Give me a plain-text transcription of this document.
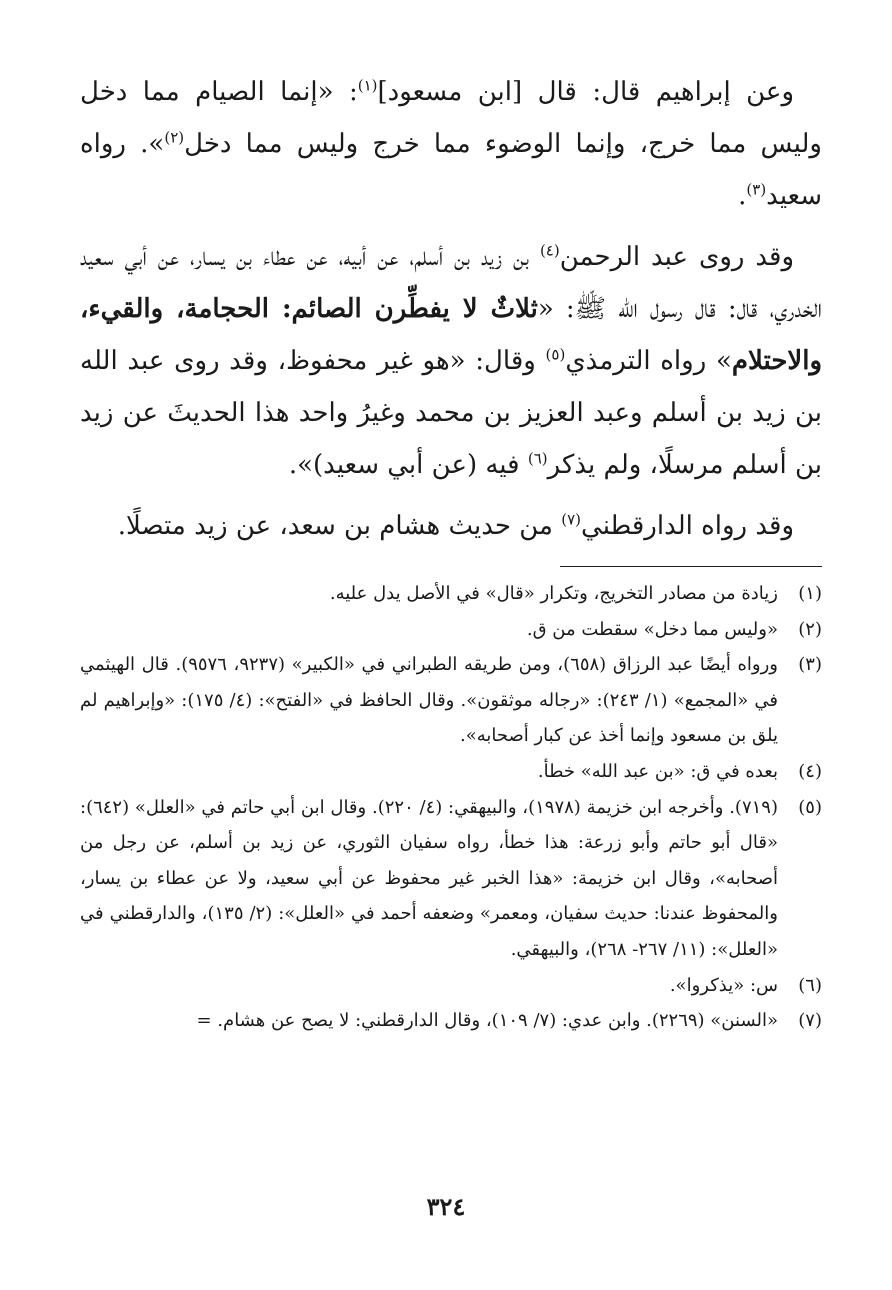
وعن إبراهيم قال: قال [ابن مسعود]$^{(١)}$: «إنما الصيام مما دخل وليس مما خرج، وإنما الوضوء مما خرج وليس مما دخل$^{(٢)}$». رواه سعيد$^{(٣)}$.

وقد روى عبد الرحمن$^{(٤)}$ بن زيد بن أسلم، عن أبيه، عن عطاء بن يسار، عن أبي سعيد الخدري، قال: قال رسول الله ﷺ: «ثلاثٌ لا يفطِّرن الصائم: الحجامة، والقيء، والاحتلام» رواه الترمذي$^{(٥)}$ وقال: «هو غير محفوظ، وقد روى عبد الله بن زيد بن أسلم وعبد العزيز بن محمد وغيرُ واحد هذا الحديثَ عن زيد بن أسلم مرسلًا، ولم يذكر$^{(٦)}$ فيه (عن أبي سعيد)».

وقد رواه الدارقطني$^{(٧)}$ من حديث هشام بن سعد، عن زيد متصلًا.

(١)
زيادة من مصادر التخريج، وتكرار «قال» في الأصل يدل عليه.
(٢)
«وليس مما دخل» سقطت من ق.
(٣)
ورواه أيضًا عبد الرزاق (٦٥٨)، ومن طريقه الطبراني في «الكبير» (٩٢٣٧، ٩٥٧٦). قال الهيثمي في «المجمع» (١/ ٢٤٣): «رجاله موثقون». وقال الحافظ في «الفتح»: (٤/ ١٧٥): «وإبراهيم لم يلق بن مسعود وإنما أخذ عن كبار أصحابه».
(٤)
بعده في ق: «بن عبد الله» خطأ.
(٥)
(٧١٩). وأخرجه ابن خزيمة (١٩٧٨)، والبيهقي: (٤/ ٢٢٠). وقال ابن أبي حاتم في «العلل» (٦٤٢): «قال أبو حاتم وأبو زرعة: هذا خطأ، رواه سفيان الثوري، عن زيد بن أسلم، عن رجل من أصحابه»، وقال ابن خزيمة: «هذا الخبر غير محفوظ عن أبي سعيد، ولا عن عطاء بن يسار، والمحفوظ عندنا: حديث سفيان، ومعمر» وضعفه أحمد في «العلل»: (٢/ ١٣٥)، والدارقطني في «العلل»: (١١/ ٢٦٧- ٢٦٨)، والبيهقي.
(٦)
س: «يذكروا».
(٧)
«السنن» (٢٢٦٩). وابن عدي: (٧/ ١٠٩)، وقال الدارقطني: لا يصح عن هشام. =
٣٢٤
